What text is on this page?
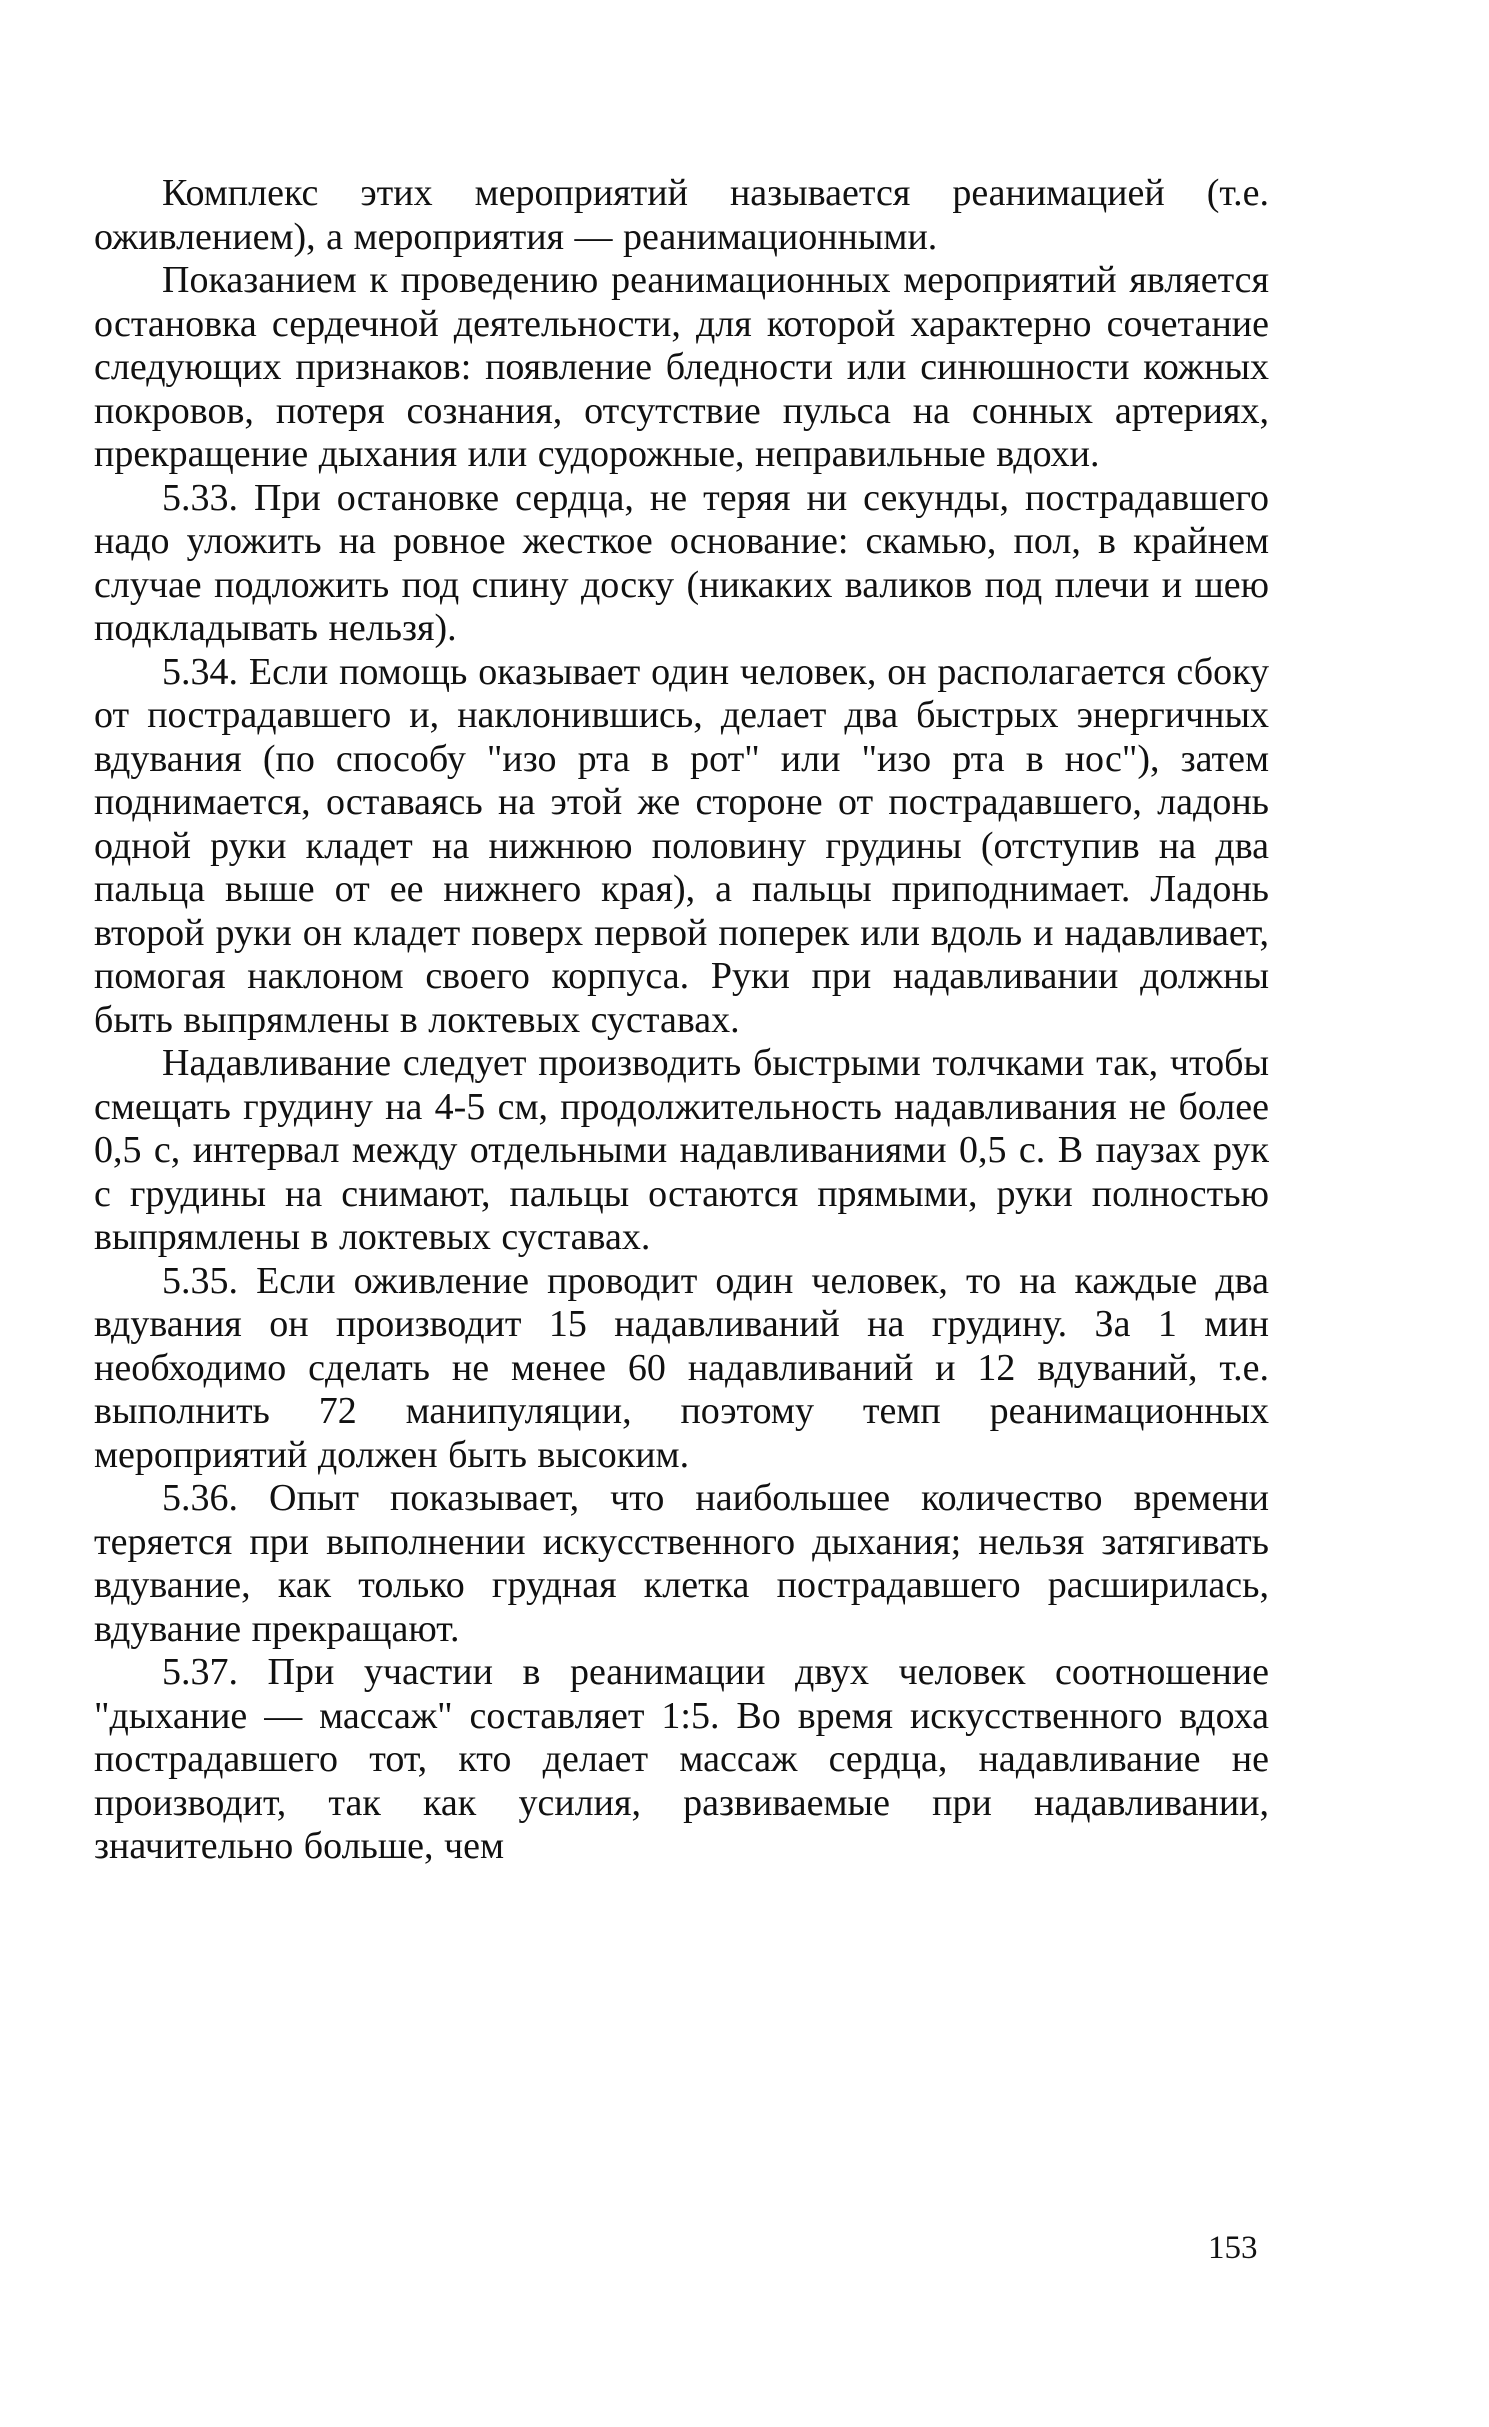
Комплекс этих мероприятий называется реанимацией (т.е. оживлением), а мероприятия — реанимационными.

Показанием к проведению реанимационных мероприятий является остановка сердечной деятельности, для которой характерно сочетание следующих признаков: появление бледности или синюшности кожных покровов, потеря сознания, отсутствие пульса на сонных артериях, прекращение дыхания или судорожные, неправильные вдохи.

5.33. При остановке сердца, не теряя ни секунды, пострадавшего надо уложить на ровное жесткое основание: скамью, пол, в крайнем случае подложить под спину доску (никаких валиков под плечи и шею подкладывать нельзя).

5.34. Если помощь оказывает один человек, он располагается сбоку от пострадавшего и, наклонившись, делает два быстрых энергичных вдувания (по способу "изо рта в рот" или "изо рта в нос"), затем поднимается, оставаясь на этой же стороне от пострадавшего, ладонь одной руки кладет на нижнюю половину грудины (отступив на два пальца выше от ее нижнего края), а пальцы приподнимает. Ладонь второй руки он кладет поверх первой поперек или вдоль и надавливает, помогая наклоном своего корпуса. Руки при надавливании должны быть выпрямлены в локтевых суставах.

Надавливание следует производить быстрыми толчками так, чтобы смещать грудину на 4-5 см, продолжительность надавливания не более 0,5 с, интервал между отдельными надавливаниями 0,5 с. В паузах рук с грудины на снимают, пальцы остаются прямыми, руки полностью выпрямлены в локтевых суставах.

5.35. Если оживление проводит один человек, то на каждые два вдувания он производит 15 надавливаний на грудину. За 1 мин необходимо сделать не менее 60 надавливаний и 12 вдуваний, т.е. выполнить 72 манипуляции, поэтому темп реанимационных мероприятий должен быть высоким.

5.36. Опыт показывает, что наибольшее количество времени теряется при выполнении искусственного дыхания; нельзя затягивать вдувание, как только грудная клетка пострадавшего расширилась, вдувание прекращают.

5.37. При участии в реанимации двух человек соотношение "дыхание — массаж" составляет 1:5. Во время искусственного вдоха пострадавшего тот, кто делает массаж сердца, надавливание не производит, так как усилия, развиваемые при надавливании, значительно больше, чем

153
